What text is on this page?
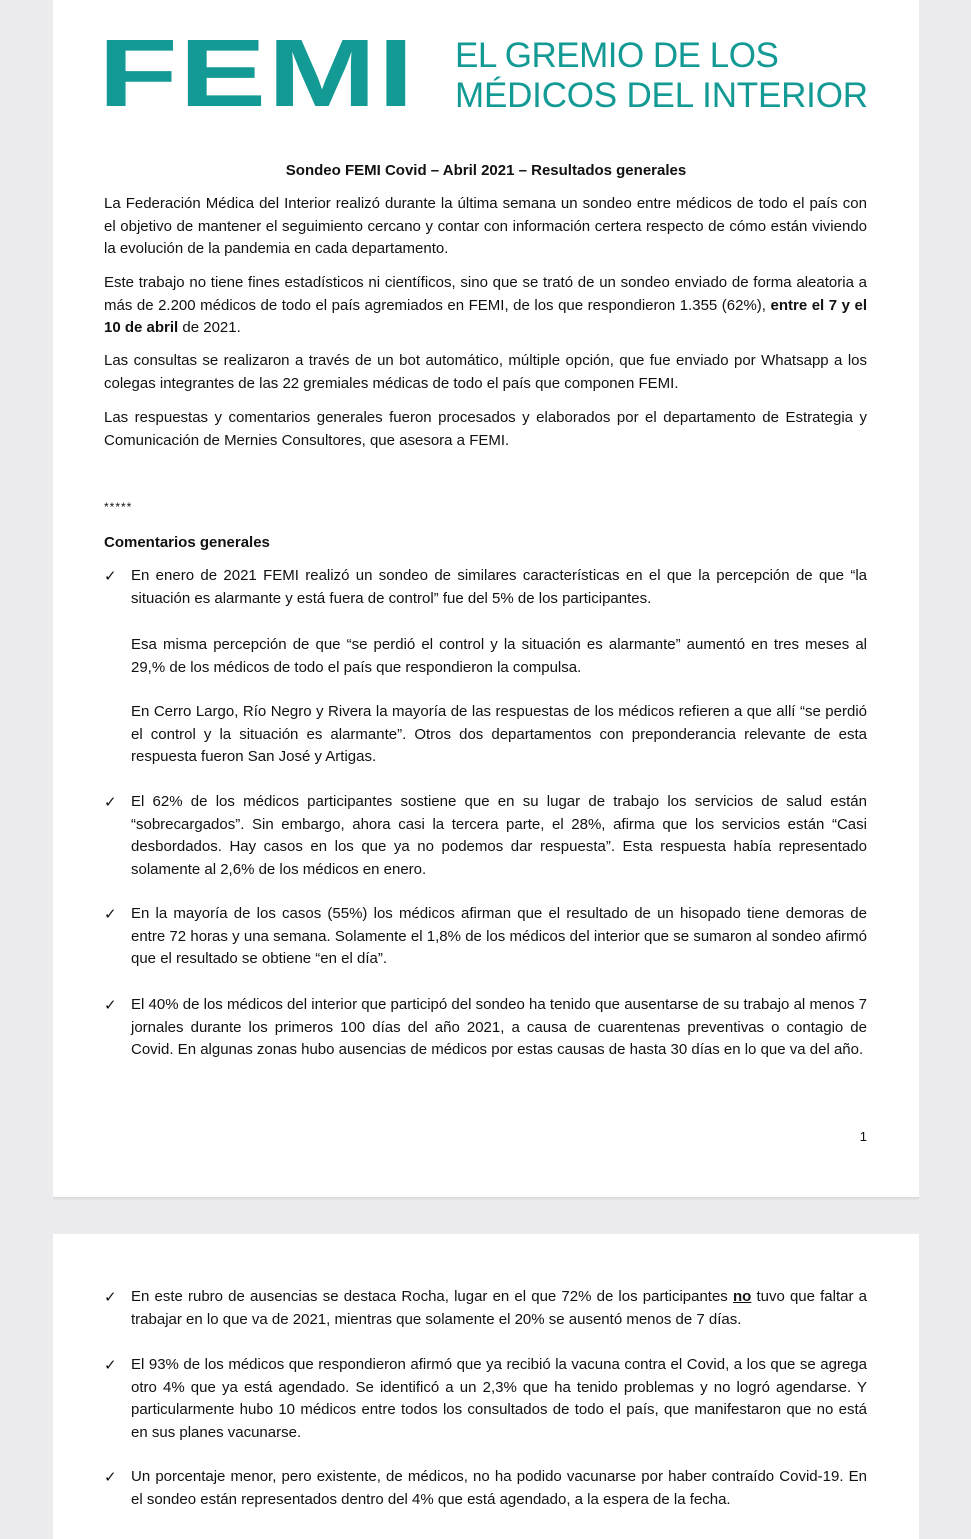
FEMI EL GREMIO DE LOS
MÉDICOS DEL INTERIOR
Sondeo FEMI Covid – Abril 2021 – Resultados generales

La Federación Médica del Interior realizó durante la última semana un sondeo entre médicos de todo el país con el objetivo de mantener el seguimiento cercano y contar con información certera respecto de cómo están viviendo la evolución de la pandemia en cada departamento.

Este trabajo no tiene fines estadísticos ni científicos, sino que se trató de un sondeo enviado de forma aleatoria a más de 2.200 médicos de todo el país agremiados en FEMI, de los que respondieron 1.355 (62%), entre el 7 y el 10 de abril de 2021.

Las consultas se realizaron a través de un bot automático, múltiple opción, que fue enviado por Whatsapp a los colegas integrantes de las 22 gremiales médicas de todo el país que componen FEMI.

Las respuestas y comentarios generales fueron procesados y elaborados por el departamento de Estrategia y Comunicación de Mernies Consultores, que asesora a FEMI.

*****
Comentarios generales
✓ En enero de 2021 FEMI realizó un sondeo de similares características en el que la percepción de que “la situación es alarmante y está fuera de control” fue del 5% de los participantes.

Esa misma percepción de que “se perdió el control y la situación es alarmante” aumentó en tres meses al 29,% de los médicos de todo el país que respondieron la compulsa.

En Cerro Largo, Río Negro y Rivera la mayoría de las respuestas de los médicos refieren a que allí “se perdió el control y la situación es alarmante”. Otros dos departamentos con preponderancia relevante de esta respuesta fueron San José y Artigas.

✓ El 62% de los médicos participantes sostiene que en su lugar de trabajo los servicios de salud están “sobrecargados”. Sin embargo, ahora casi la tercera parte, el 28%, afirma que los servicios están “Casi desbordados. Hay casos en los que ya no podemos dar respuesta”. Esta respuesta había representado solamente al 2,6% de los médicos en enero.

✓ En la mayoría de los casos (55%) los médicos afirman que el resultado de un hisopado tiene demoras de entre 72 horas y una semana. Solamente el 1,8% de los médicos del interior que se sumaron al sondeo afirmó que el resultado se obtiene “en el día”.

✓ El 40% de los médicos del interior que participó del sondeo ha tenido que ausentarse de su trabajo al menos 7 jornales durante los primeros 100 días del año 2021, a causa de cuarentenas preventivas o contagio de Covid. En algunas zonas hubo ausencias de médicos por estas causas de hasta 30 días en lo que va del año.

1
✓ En este rubro de ausencias se destaca Rocha, lugar en el que 72% de los participantes no tuvo que faltar a trabajar en lo que va de 2021, mientras que solamente el 20% se ausentó menos de 7 días.

✓ El 93% de los médicos que respondieron afirmó que ya recibió la vacuna contra el Covid, a los que se agrega otro 4% que ya está agendado. Se identificó a un 2,3% que ha tenido problemas y no logró agendarse. Y particularmente hubo 10 médicos entre todos los consultados de todo el país, que manifestaron que no está en sus planes vacunarse.

✓ Un porcentaje menor, pero existente, de médicos, no ha podido vacunarse por haber contraído Covid-19. En el sondeo están representados dentro del 4% que está agendado, a la espera de la fecha.
